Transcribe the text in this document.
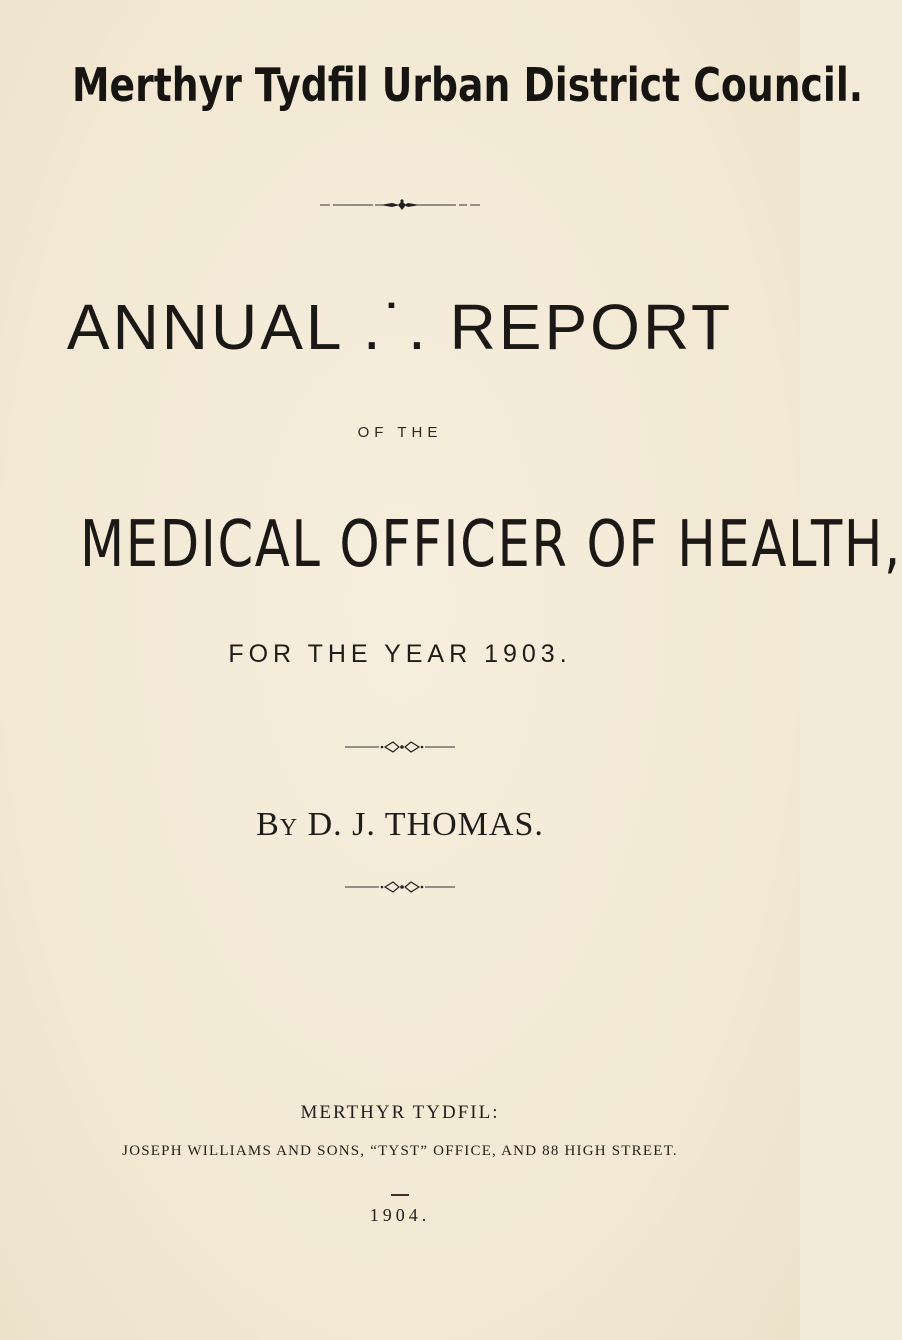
Merthyr Tydfil Urban District Council.
ANNUAL .˙. REPORT
OF THE
MEDICAL OFFICER OF HEALTH,
FOR THE YEAR 1903.
By D. J. THOMAS.
MERTHYR TYDFIL:
JOSEPH WILLIAMS AND SONS, “TYST” OFFICE, AND 88 HIGH STREET.
1904.
